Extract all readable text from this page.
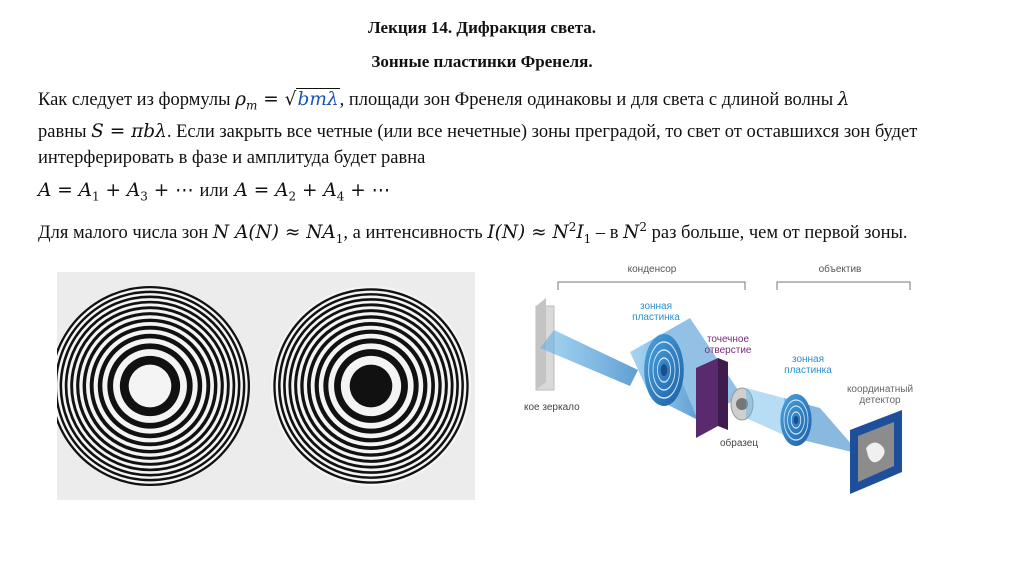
Лекция 14. Дифракция света.
Зонные пластинки Френеля.
Как следует из формулы $\rho_m = √bm\lambda$, площади зон Френеля одинаковы и для света с длиной волны λ
равны S = πbλ. Если закрыть все четные (или все нечетные) зоны преградой, то свет от оставшихся зон будет интерферировать в фазе и амплитуда будет равна
$A = A_1 + A_3$ + ⋯ или $A = A_2 + A_4$ + ⋯
Для малого числа зон N $A(N) \approx NA_1$, а интенсивность $I(N) \approx N^2I_1 - в$ $N^2$ раз больше, чем от первой зоны.
конденсор	объектив
зонная
пластинка
точечное
отверстие
зонная
пластинка
координатный
детектор
кое зеркало
образец
